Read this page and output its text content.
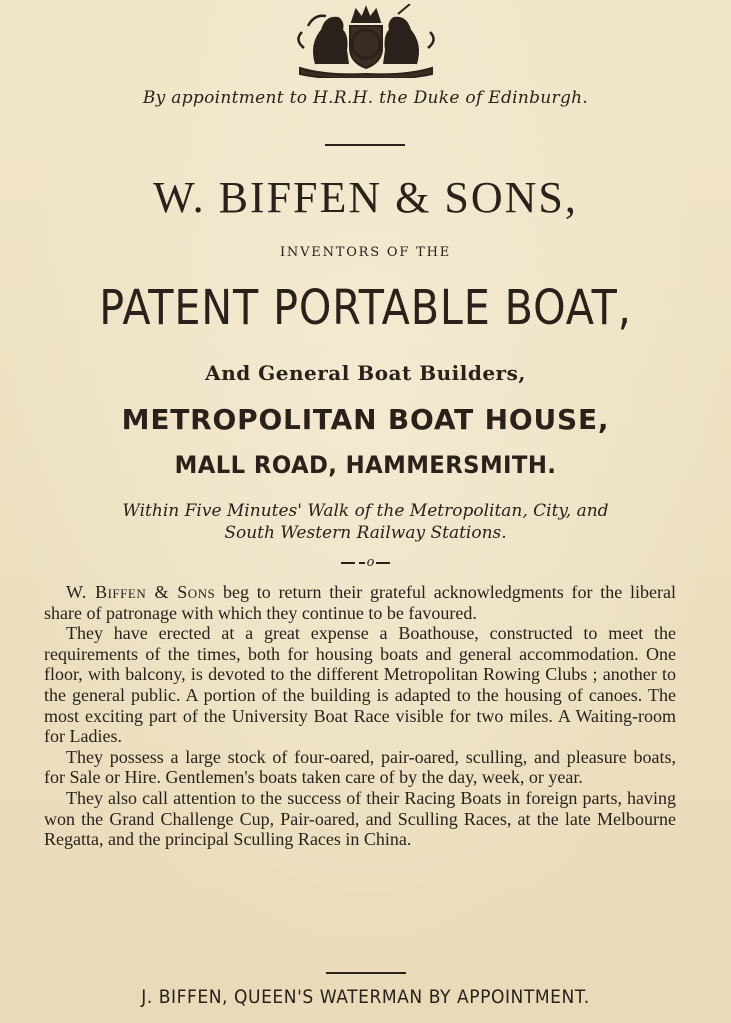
By appointment to H.R.H. the Duke of Edinburgh.
W. BIFFEN & SONS,
INVENTORS OF THE
PATENT PORTABLE BOAT,
And General Boat Builders,
METROPOLITAN BOAT HOUSE,
MALL ROAD, HAMMERSMITH.
Within Five Minutes' Walk of the Metropolitan, City, and
South Western Railway Stations.
o

W. Biffen & Sons beg to return their grateful acknowledgments for the liberal share of patronage with which they continue to be favoured.

They have erected at a great expense a Boathouse, constructed to meet the requirements of the times, both for housing boats and general accommodation. One floor, with balcony, is devoted to the different Metropolitan Rowing Clubs ; another to the general public. A portion of the building is adapted to the housing of canoes. The most exciting part of the University Boat Race visible for two miles. A Waiting-room for Ladies.

They possess a large stock of four-oared, pair-oared, sculling, and pleasure boats, for Sale or Hire. Gentlemen's boats taken care of by the day, week, or year.

They also call attention to the success of their Racing Boats in foreign parts, having won the Grand Challenge Cup, Pair-oared, and Sculling Races, at the late Melbourne Regatta, and the principal Sculling Races in China.

J. BIFFEN, QUEEN'S WATERMAN BY APPOINTMENT.
